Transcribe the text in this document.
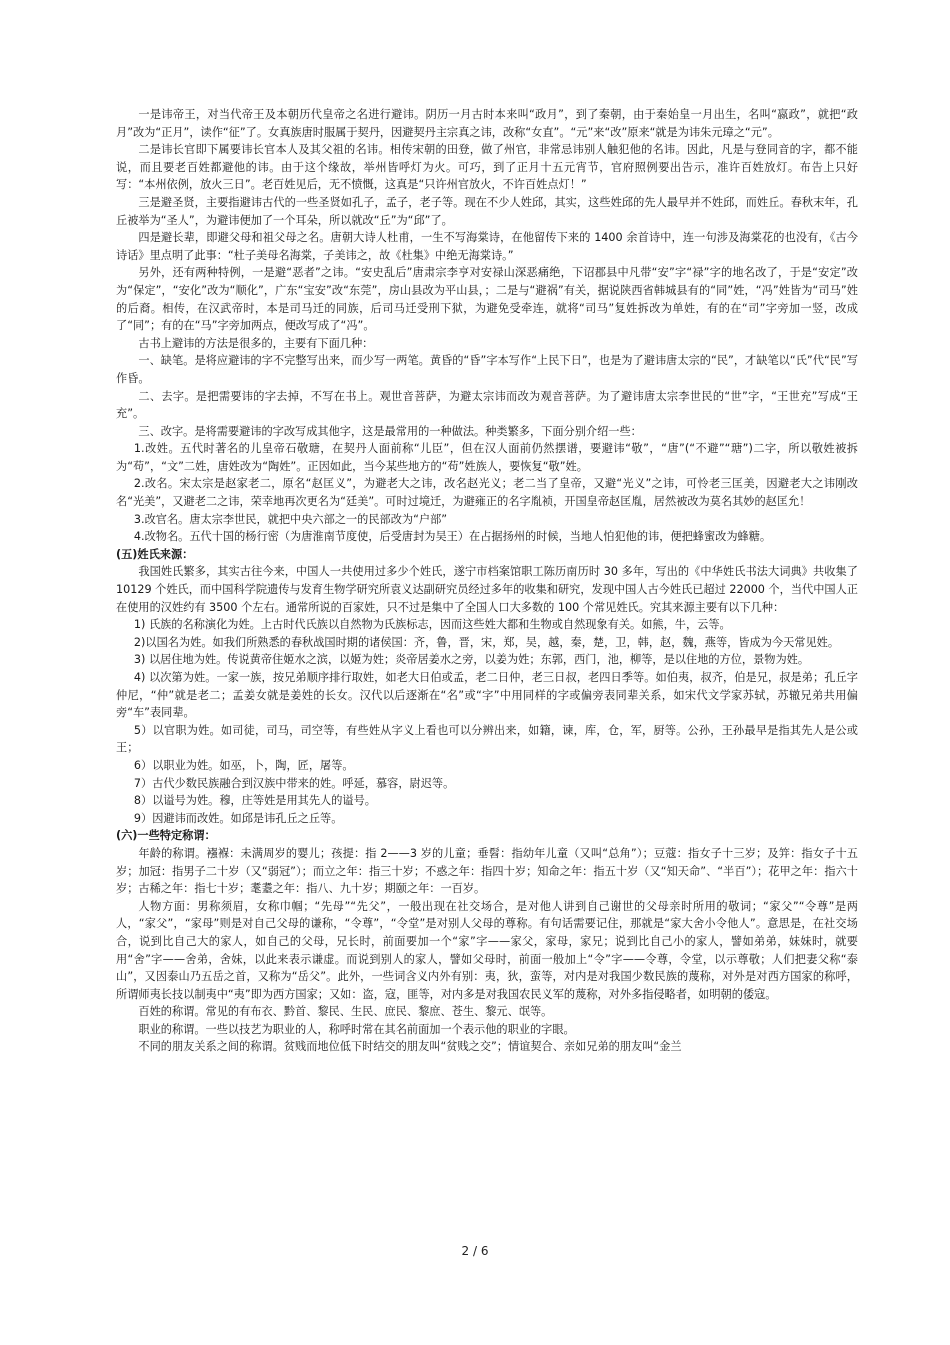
一是讳帝王，对当代帝王及本朝历代皇帝之名进行避讳。阴历一月古时本来叫“政月”，到了秦朝，由于秦始皇一月出生，名叫“嬴政”，就把“政月”改为“正月”，读作“征”了。女真族唐时服属于契丹，因避契丹主宗真之讳，改称“女直”。“元”来“改”原来“就是为讳朱元璋之“元”。

二是讳长官即下属要讳长官本人及其父祖的名讳。相传宋朝的田登，做了州官，非常忌讳别人触犯他的名讳。因此，凡是与登同音的字，都不能说，而且要老百姓都避他的讳。由于这个缘故，举州皆呼灯为火。可巧，到了正月十五元宵节，官府照例要出告示，准许百姓放灯。布告上只好写：“本州依例，放火三日”。老百姓见后，无不愤慨，这真是“只许州官放火，不许百姓点灯！”

三是避圣贤，主要指避讳古代的一些圣贤如孔子，孟子，老子等。现在不少人姓邱，其实，这些姓邱的先人最早并不姓邱，而姓丘。春秋末年，孔丘被举为“圣人”，为避讳便加了一个耳朵，所以就改“丘”为“邱”了。

四是避长辈，即避父母和祖父母之名。唐朝大诗人杜甫，一生不写海棠诗，在他留传下来的 1400 余首诗中，连一句涉及海棠花的也没有，《古今诗话》里点明了此事：“杜子美母名海棠，子美讳之，故《杜集》中绝无海棠诗。”

另外，还有两种特例，一是避“恶者”之讳。“安史乱后”唐肃宗李亨对安禄山深恶痛绝，下诏郡县中凡带“安”字“禄”字的地名改了，于是“安定”改为“保定”，“安化”改为“顺化”，广东“宝安”改“东莞”，房山县改为平山县，；二是与“避祸”有关，据说陕西省韩城县有的“同”姓，“冯”姓皆为“司马”姓的后裔。相传，在汉武帝时，本是司马迁的同族，后司马迁受刑下狱，为避免受牵连，就将“司马”复姓拆改为单姓，有的在“司”字旁加一竖，改成了“同”；有的在“马”字旁加两点，便改写成了“冯”。

古书上避讳的方法是很多的，主要有下面几种：

一、缺笔。是将应避讳的字不完整写出来，而少写一两笔。黄昏的“昏”字本写作“上民下日”，也是为了避讳唐太宗的“民”，才缺笔以“氏”代“民”写作昏。

二、去字。是把需要讳的字去掉，不写在书上。观世音菩萨，为避太宗讳而改为观音菩萨。为了避讳唐太宗李世民的“世”字，“王世充”写成“王充”。

三、改字。是将需要避讳的字改写成其他字，这是最常用的一种做法。种类繁多，下面分别介绍一些：

1.改姓。五代时著名的儿皇帝石敬瑭，在契丹人面前称“儿臣”，但在汉人面前仍然摆谱，要避讳“敬”，“唐”(“不避”“瑭”)二字，所以敬姓被拆为“苟”，“文”二姓，唐姓改为“陶姓”。正因如此，当今某些地方的“苟”姓族人，要恢复“敬”姓。

2.改名。宋太宗是赵家老二，原名“赵匡义”，为避老大之讳，改名赵光义；老二当了皇帝，又避“光义”之讳，可怜老三匡美，因避老大之讳刚改名“光美”，又避老二之讳，荣幸地再次更名为“廷美”。可时过境迁，为避雍正的名字胤祯，开国皇帝赵匡胤，居然被改为莫名其妙的赵匡允！

3.改官名。唐太宗李世民，就把中央六部之一的民部改为“户部”

4.改物名。五代十国的杨行密（为唐淮南节度使，后受唐封为吴王）在占据扬州的时候，当地人怕犯他的讳，便把蜂蜜改为蜂糖。

(五)姓氏来源：

我国姓氏繁多，其实古往今来，中国人一共使用过多少个姓氏，遂宁市档案馆职工陈历南历时 30 多年，写出的《中华姓氏书法大词典》共收集了 10129 个姓氏，而中国科学院遗传与发育生物学研究所袁义达副研究员经过多年的收集和研究，发现中国人古今姓氏已超过 22000 个，当代中国人正在使用的汉姓约有 3500 个左右。通常所说的百家姓，只不过是集中了全国人口大多数的 100 个常见姓氏。究其来源主要有以下几种：

1) 氏族的名称演化为姓。上古时代氏族以自然物为氏族标志，因而这些姓大都和生物或自然现象有关。如熊，牛，云等。

2)以国名为姓。如我们所熟悉的春秋战国时期的诸侯国：齐，鲁，晋，宋，郑，吴，越，秦，楚，卫，韩，赵，魏，燕等，皆成为今天常见姓。

3) 以居住地为姓。传说黄帝住姬水之滨，以姬为姓；炎帝居姜水之旁，以姜为姓；东郭，西门，池，柳等，是以住地的方位，景物为姓。

4) 以次第为姓。一家一族，按兄弟顺序排行取姓，如老大日伯或孟，老二日仲，老三日叔，老四日季等。如伯夷，叔齐，伯是兄，叔是弟；孔丘字仲尼，“仲”就是老二；孟姜女就是姜姓的长女。汉代以后逐渐在“名”或“字”中用同样的字或偏旁表同辈关系，如宋代文学家苏轼，苏辙兄弟共用偏旁“车”表同辈。

5）以官职为姓。如司徒，司马，司空等，有些姓从字义上看也可以分辨出来，如籍，谏，库，仓，军，厨等。公孙，王孙最早是指其先人是公或王；

6）以职业为姓。如巫，卜，陶，匠，屠等。

7）古代少数民族融合到汉族中带来的姓。呼延，慕容，尉迟等。

8）以谥号为姓。穆，庄等姓是用其先人的谥号。

9）因避讳而改姓。如邱是讳孔丘之丘等。

(六)一些特定称谓：

年龄的称谓。襁褓：未满周岁的婴儿；孩提：指 2——3 岁的儿童；垂髫：指幼年儿童（又叫“总角”）；豆蔻：指女子十三岁；及笄：指女子十五岁；加冠：指男子二十岁（又“弱冠”）；而立之年：指三十岁；不惑之年：指四十岁；知命之年：指五十岁（又“知天命”、“半百”）；花甲之年：指六十岁；古稀之年：指七十岁；耄耋之年：指八、九十岁；期颐之年：一百岁。

人物方面：男称须眉，女称巾帼；“先母”“先父”，一般出现在社交场合，是对他人讲到自己谢世的父母亲时所用的敬词；“家父”“令尊”是两人，“家父”，“家母”则是对自己父母的谦称，“令尊”，“令堂”是对别人父母的尊称。有句话需要记住，那就是“家大舍小令他人”。意思是，在社交场合，说到比自己大的家人，如自己的父母，兄长时，前面要加一个“家”字——家父，家母，家兄；说到比自己小的家人，譬如弟弟，妹妹时，就要用“舍”字——舍弟，舍妹，以此来表示谦虚。而说到别人的家人，譬如父母时，前面一般加上“令”字——令尊，令堂，以示尊敬；人们把妻父称“泰山”，又因泰山乃五岳之首，又称为“岳父”。此外，一些词含义内外有别：夷，狄，蛮等，对内是对我国少数民族的蔑称，对外是对西方国家的称呼，所谓师夷长技以制夷中“夷”即为西方国家；又如：盗，寇，匪等，对内多是对我国农民义军的蔑称，对外多指侵略者，如明朝的倭寇。

百姓的称谓。常见的有布衣、黔首、黎民、生民、庶民、黎庶、苍生、黎元、氓等。

职业的称谓。一些以技艺为职业的人，称呼时常在其名前面加一个表示他的职业的字眼。

不同的朋友关系之间的称谓。贫贱而地位低下时结交的朋友叫“贫贱之交”；情谊契合、亲如兄弟的朋友叫“金兰

2 / 6
